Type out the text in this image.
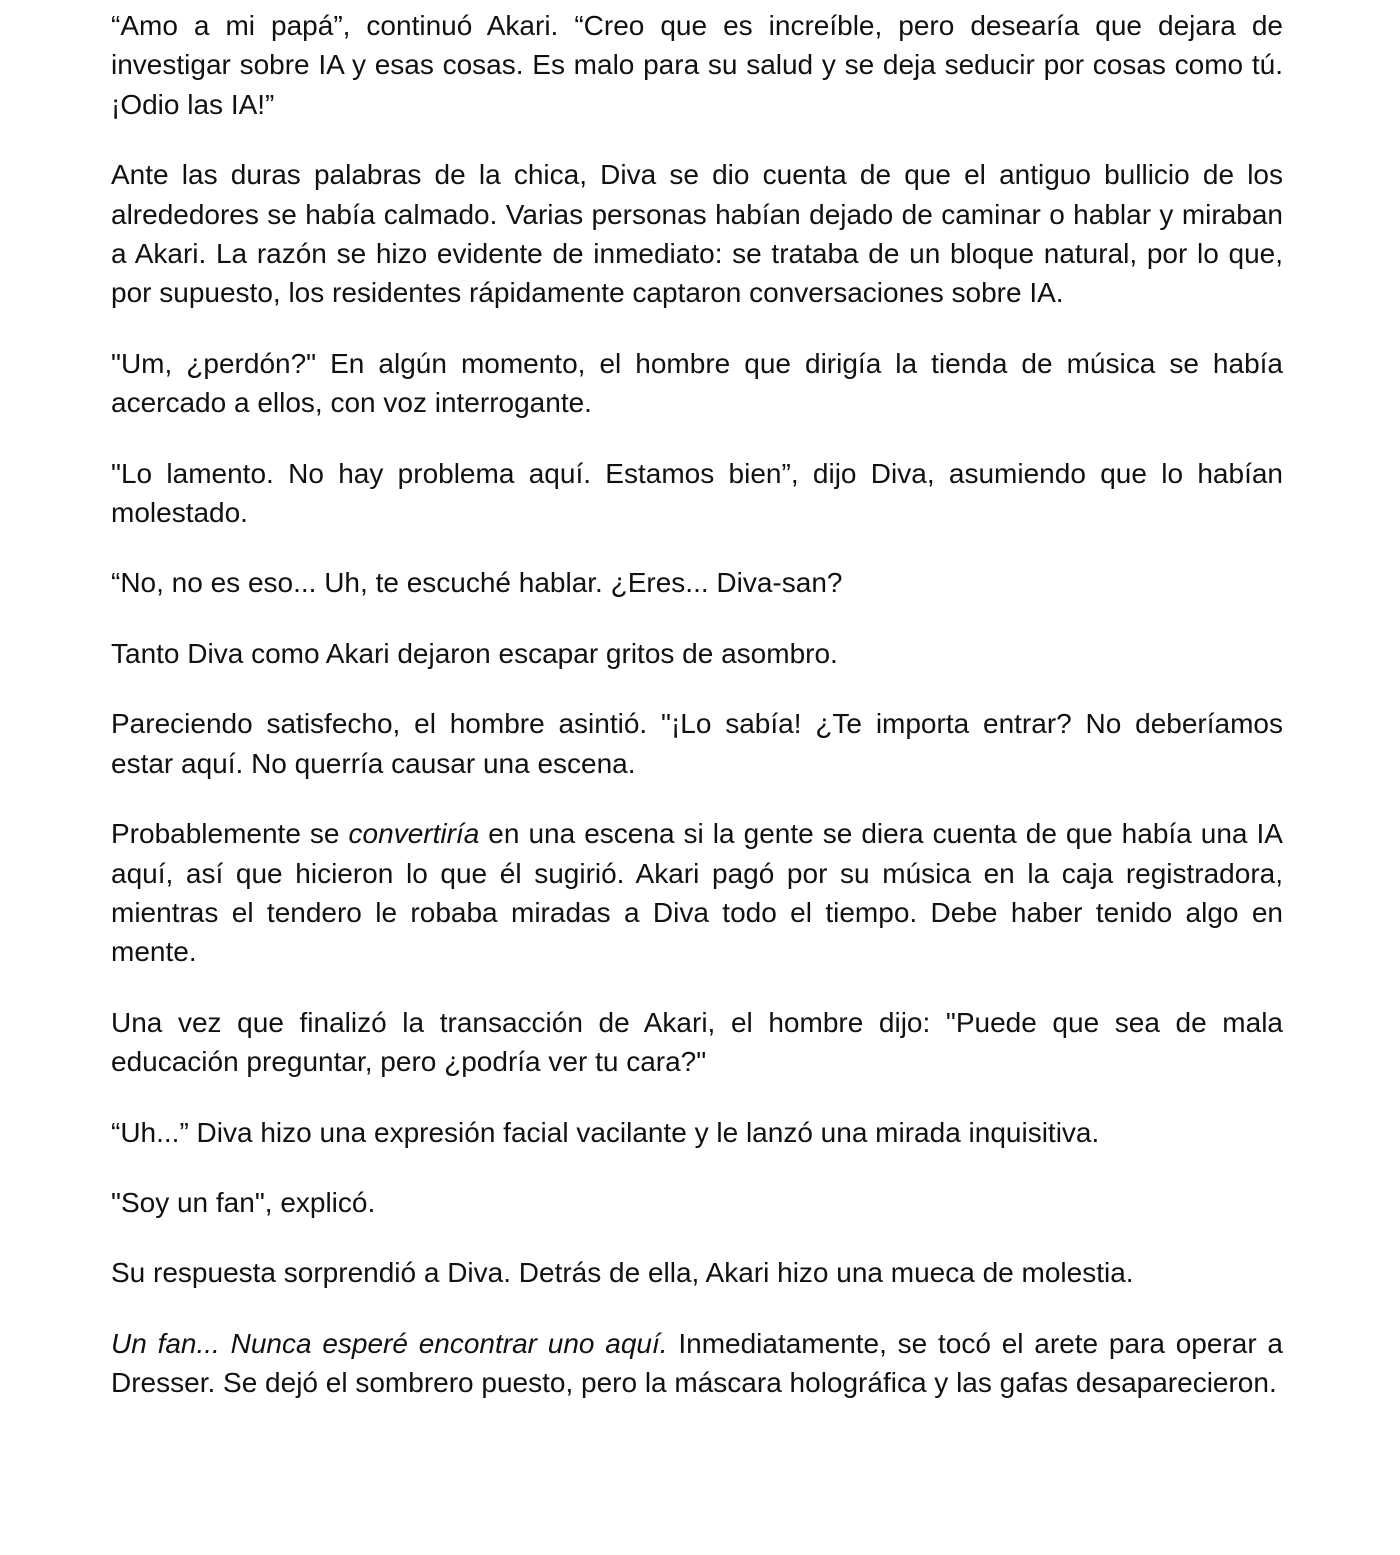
“Amo a mi papá”, continuó Akari. “Creo que es increíble, pero desearía que dejara de investigar sobre IA y esas cosas. Es malo para su salud y se deja seducir por cosas como tú. ¡Odio las IA!”

Ante las duras palabras de la chica, Diva se dio cuenta de que el antiguo bullicio de los alrededores se había calmado. Varias personas habían dejado de caminar o hablar y miraban a Akari. La razón se hizo evidente de inmediato: se trataba de un bloque natural, por lo que, por supuesto, los residentes rápidamente captaron conversaciones sobre IA.

"Um, ¿perdón?" En algún momento, el hombre que dirigía la tienda de música se había acercado a ellos, con voz interrogante.

"Lo lamento. No hay problema aquí. Estamos bien”, dijo Diva, asumiendo que lo habían molestado.

“No, no es eso... Uh, te escuché hablar. ¿Eres... Diva-san?

Tanto Diva como Akari dejaron escapar gritos de asombro.

Pareciendo satisfecho, el hombre asintió. "¡Lo sabía! ¿Te importa entrar? No deberíamos estar aquí. No querría causar una escena.

Probablemente se convertiría en una escena si la gente se diera cuenta de que había una IA aquí, así que hicieron lo que él sugirió. Akari pagó por su música en la caja registradora, mientras el tendero le robaba miradas a Diva todo el tiempo. Debe haber tenido algo en mente.

Una vez que finalizó la transacción de Akari, el hombre dijo: "Puede que sea de mala educación preguntar, pero ¿podría ver tu cara?"

“Uh...” Diva hizo una expresión facial vacilante y le lanzó una mirada inquisitiva.

"Soy un fan", explicó.

Su respuesta sorprendió a Diva. Detrás de ella, Akari hizo una mueca de molestia.

Un fan... Nunca esperé encontrar uno aquí. Inmediatamente, se tocó el arete para operar a Dresser. Se dejó el sombrero puesto, pero la máscara holográfica y las gafas desaparecieron.
